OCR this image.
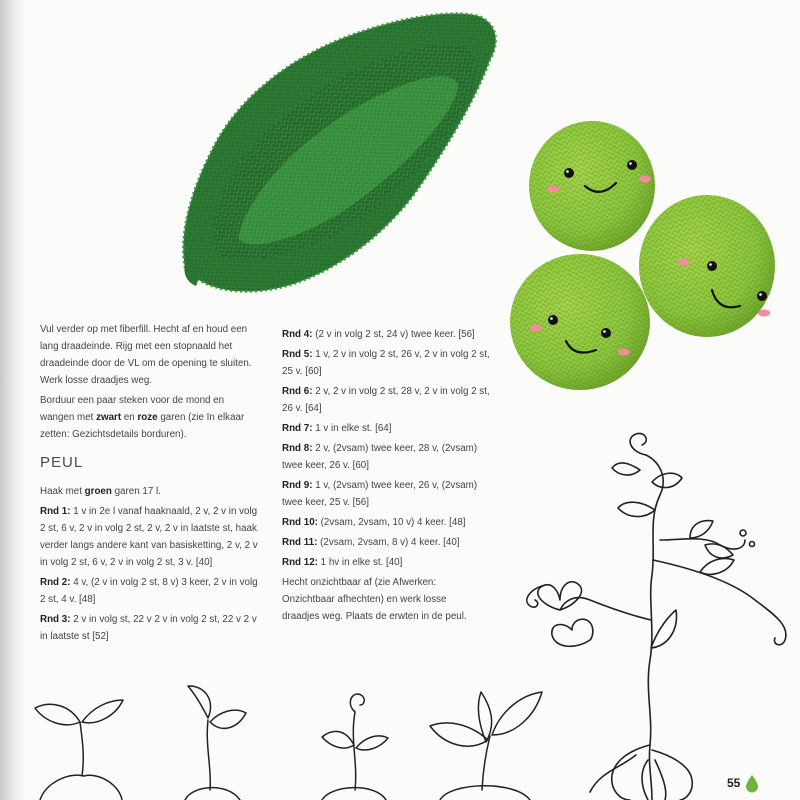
Vul verder op met fiberfill. Hecht af en houd een
lang draadeinde. Rijg met een stopnaald het
draadeinde door de VL om de opening te sluiten.
Werk losse draadjes weg.
Borduur een paar steken voor de mond en
wangen met zwart en roze garen (zie In elkaar
zetten: Gezichtsdetails borduren).
PEUL
Haak met groen garen 17 l.
Rnd 1: 1 v in 2e l vanaf haaknaald, 2 v, 2 v in volg
2 st, 6 v, 2 v in volg 2 st, 2 v, 2 v in laatste st, haak
verder langs andere kant van basisketting, 2 v, 2 v
in volg 2 st, 6 v, 2 v in volg 2 st, 3 v. [40]
Rnd 2: 4 v, (2 v in volg 2 st, 8 v) 3 keer, 2 v in volg
2 st, 4 v. [48]
Rnd 3: 2 v in volg st, 22 v 2 v in volg 2 st, 22 v 2 v
in laatste st [52]
Rnd 4: (2 v in volg 2 st, 24 v) twee keer. [56]
Rnd 5: 1 v, 2 v in volg 2 st, 26 v, 2 v in volg 2 st,
25 v. [60]
Rnd 6: 2 v, 2 v in volg 2 st, 28 v, 2 v in volg 2 st,
26 v. [64]
Rnd 7: 1 v in elke st. [64]
Rnd 8: 2 v, (2vsam) twee keer, 28 v, (2vsam)
twee keer, 26 v. [60]
Rnd 9: 1 v, (2vsam) twee keer, 26 v, (2vsam)
twee keer, 25 v. [56]
Rnd 10: (2vsam, 2vsam, 10 v) 4 keer. [48]
Rnd 11: (2vsam, 2vsam, 8 v) 4 keer. [40]
Rnd 12: 1 hv in elke st. [40]
Hecht onzichtbaar af (zie Afwerken:
Onzichtbaar afhechten) en werk losse
draadjes weg. Plaats de erwten in de peul.
55
